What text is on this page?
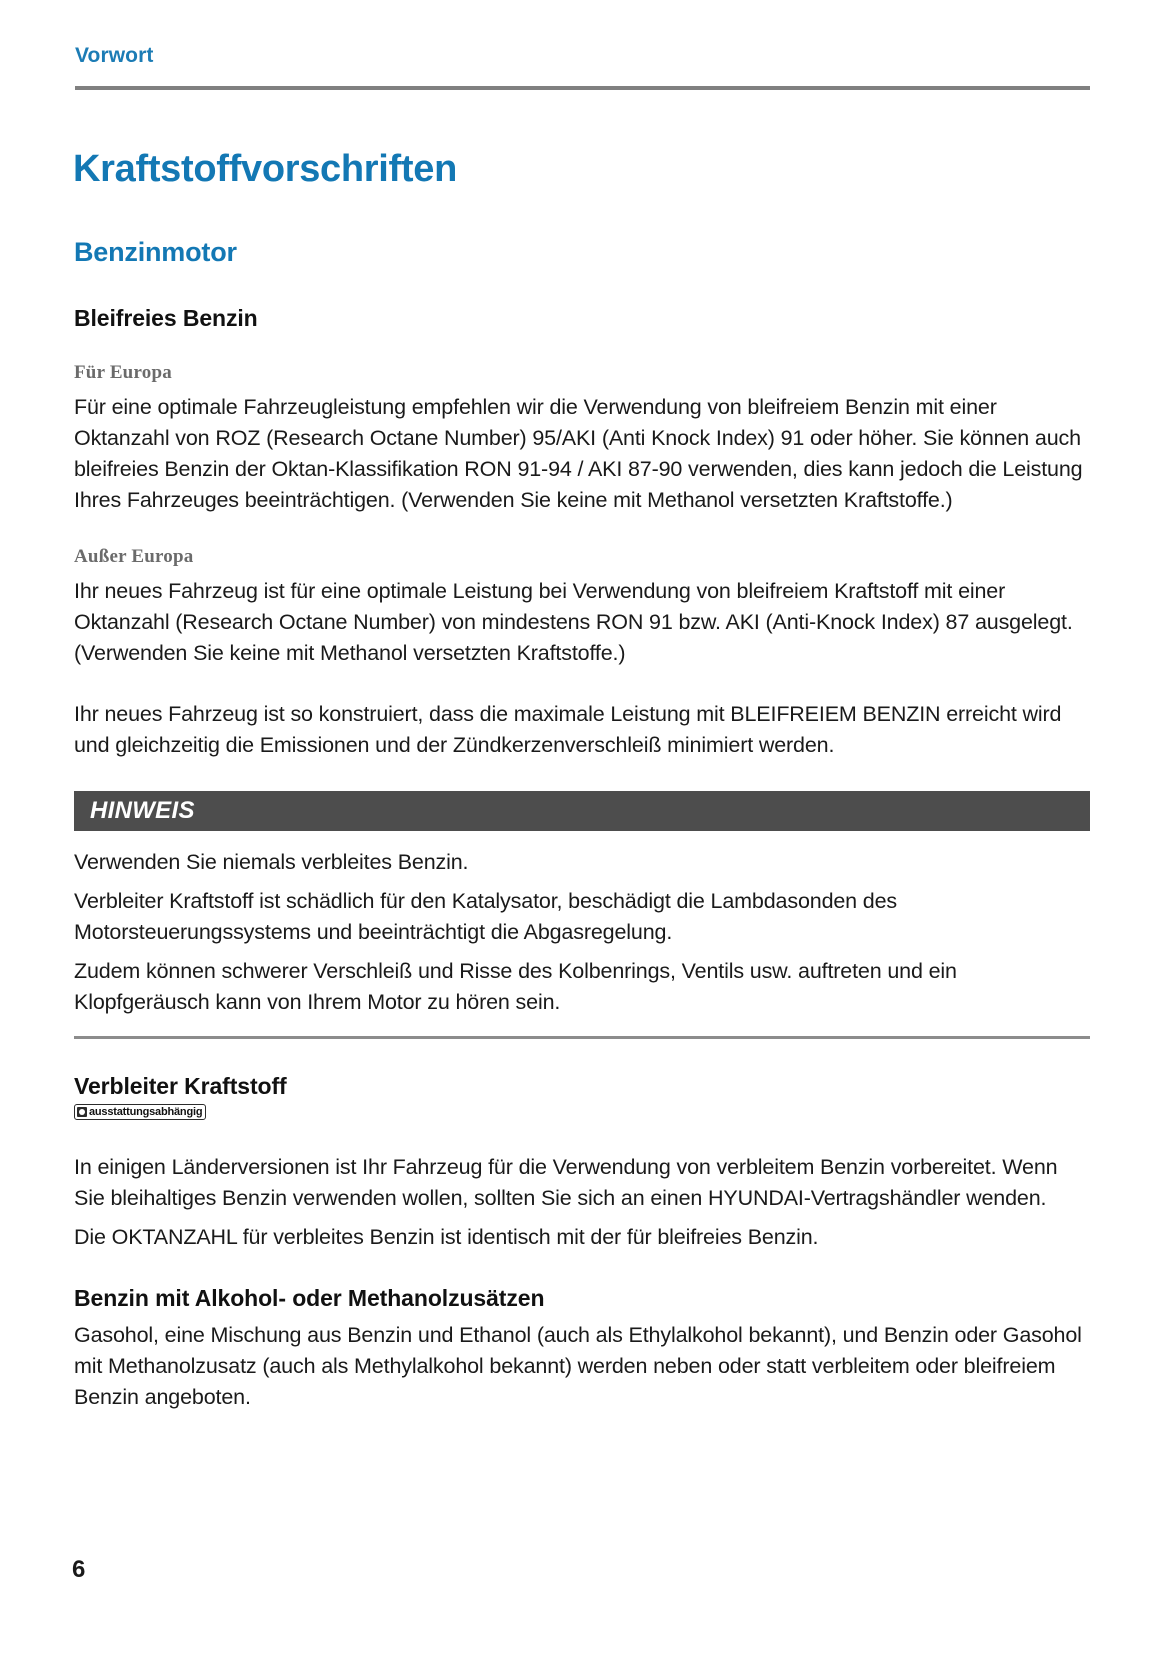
Vorwort
Kraftstoffvorschriften
Benzinmotor
Bleifreies Benzin
Für Europa

Für eine optimale Fahrzeugleistung empfehlen wir die Verwendung von bleifreiem Benzin mit einer Oktanzahl von ROZ (Research Octane Number) 95/AKI (Anti Knock Index) 91 oder höher. Sie können auch bleifreies Benzin der Oktan-Klassifikation RON 91-94 / AKI 87-90 verwenden, dies kann jedoch die Leistung Ihres Fahrzeuges beeinträchtigen. (Verwenden Sie keine mit Methanol versetzten Kraftstoffe.)

Außer Europa

Ihr neues Fahrzeug ist für eine optimale Leistung bei Verwendung von bleifreiem Kraftstoff mit einer Oktanzahl (Research Octane Number) von mindestens RON 91 bzw. AKI (Anti-Knock Index) 87 ausgelegt. (Verwenden Sie keine mit Methanol versetzten Kraftstoffe.)

Ihr neues Fahrzeug ist so konstruiert, dass die maximale Leistung mit BLEIFREIEM BENZIN erreicht wird und gleichzeitig die Emissionen und der Zündkerzenverschleiß minimiert werden.

HINWEIS

Verwenden Sie niemals verbleites Benzin.

Verbleiter Kraftstoff ist schädlich für den Katalysator, beschädigt die Lambdasonden des Motorsteuerungssystems und beeinträchtigt die Abgasregelung.

Zudem können schwerer Verschleiß und Risse des Kolbenrings, Ventils usw. auftreten und ein Klopfgeräusch kann von Ihrem Motor zu hören sein.

Verbleiter Kraftstoff
ausstattungsabhängig

In einigen Länderversionen ist Ihr Fahrzeug für die Verwendung von verbleitem Benzin vorbereitet. Wenn Sie bleihaltiges Benzin verwenden wollen, sollten Sie sich an einen HYUNDAI-Vertragshändler wenden.

Die OKTANZAHL für verbleites Benzin ist identisch mit der für bleifreies Benzin.

Benzin mit Alkohol- oder Methanolzusätzen

Gasohol, eine Mischung aus Benzin und Ethanol (auch als Ethylalkohol bekannt), und Benzin oder Gasohol mit Methanolzusatz (auch als Methylalkohol bekannt) werden neben oder statt verbleitem oder bleifreiem Benzin angeboten.

6
